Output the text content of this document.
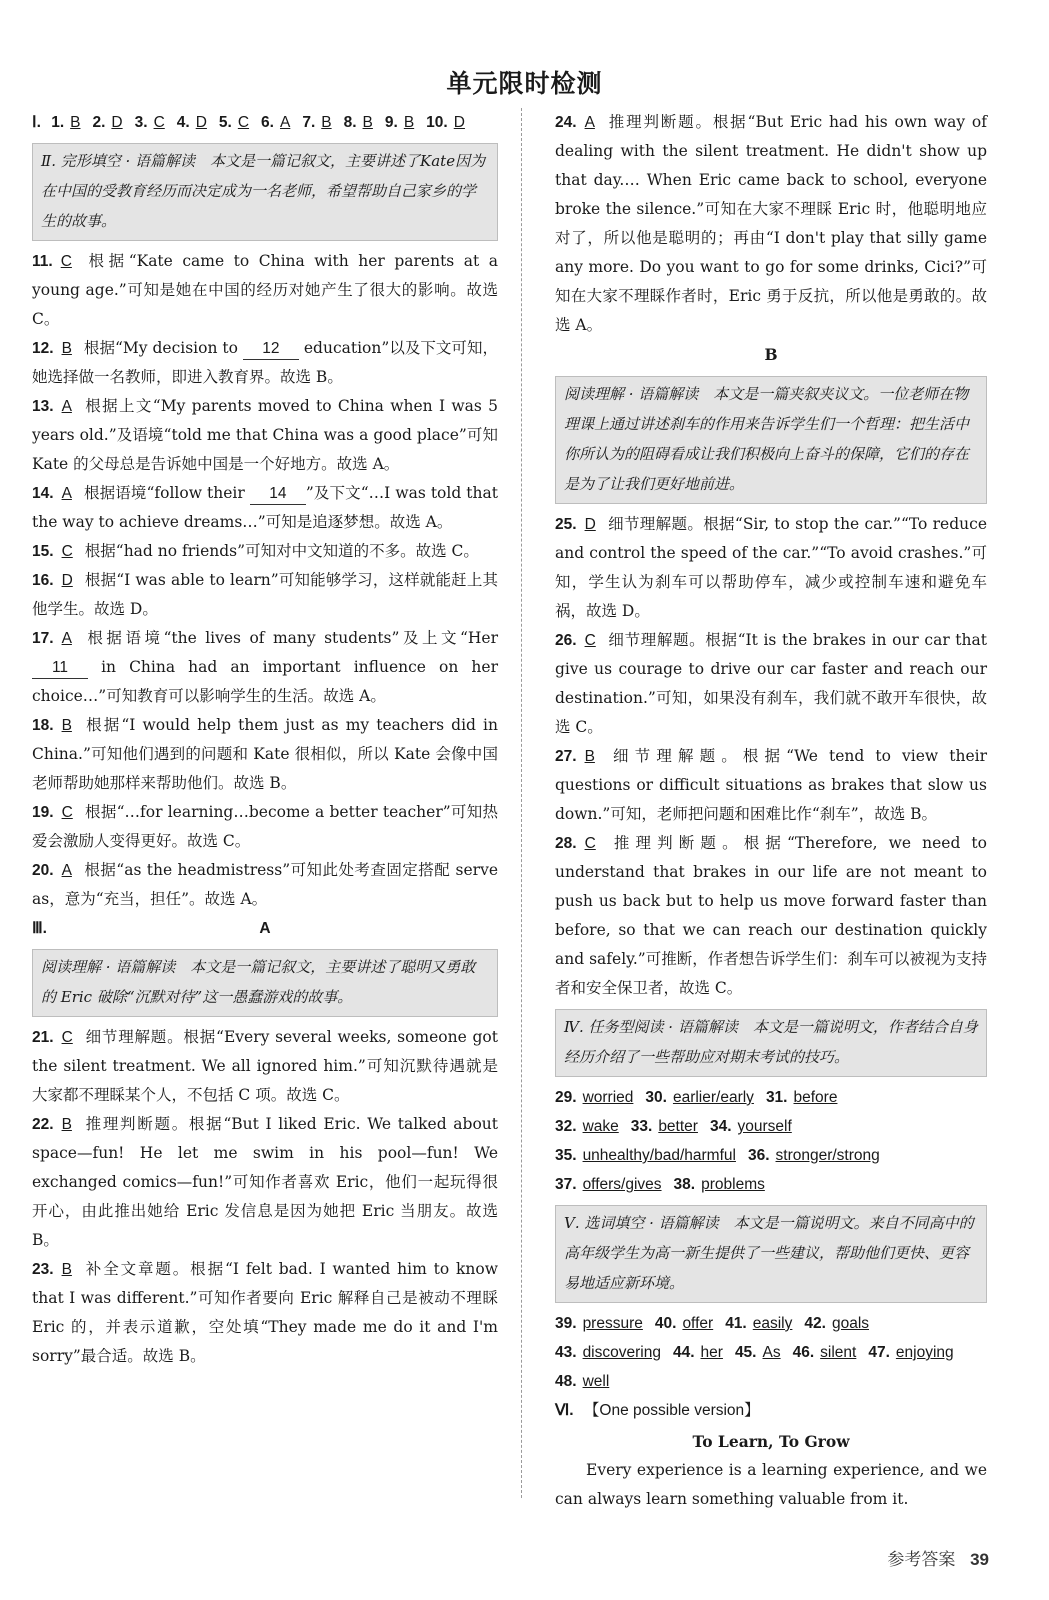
单元限时检测
Ⅰ. 1. B 2. D 3. C 4. D 5. C 6. A 7. B 8. B 9. B 10. D
Ⅱ. 完形填空 · 语篇解读　本文是一篇记叙文，主要讲述了Kate因为在中国的受教育经历而决定成为一名老师，希望帮助自己家乡的学生的故事。
11. C 根据“Kate came to China with her parents at a young age.”可知是她在中国的经历对她产生了很大的影响。故选 C。
12. B 根据“My decision to 12 education”以及下文可知，她选择做一名教师，即进入教育界。故选 B。
13. A 根据上文“My parents moved to China when I was 5 years old.”及语境“told me that China was a good place”可知 Kate 的父母总是告诉她中国是一个好地方。故选 A。
14. A 根据语境“follow their 14 ”及下文“…I was told that the way to achieve dreams…”可知是追逐梦想。故选 A。
15. C 根据“had no friends”可知对中文知道的不多。故选 C。
16. D 根据“I was able to learn”可知能够学习，这样就能赶上其他学生。故选 D。
17. A 根据语境“the lives of many students”及上文“Her 11 in China had an important influence on her choice…”可知教育可以影响学生的生活。故选 A。
18. B 根据“I would help them just as my teachers did in China.”可知他们遇到的问题和 Kate 很相似，所以 Kate 会像中国老师帮助她那样来帮助他们。故选 B。
19. C 根据“…for learning…become a better teacher”可知热爱会激励人变得更好。故选 C。
20. A 根据“as the headmistress”可知此处考查固定搭配 serve as，意为“充当，担任”。故选 A。
Ⅲ.	A
阅读理解 · 语篇解读　本文是一篇记叙文，主要讲述了聪明又勇敢的 Eric 破除“沉默对待”这一愚蠢游戏的故事。
21. C 细节理解题。根据“Every several weeks, someone got the silent treatment. We all ignored him.”可知沉默待遇就是大家都不理睬某个人，不包括 C 项。故选 C。
22. B 推理判断题。根据“But I liked Eric. We talked about space—fun! He let me swim in his pool—fun! We exchanged comics—fun!”可知作者喜欢 Eric，他们一起玩得很开心，由此推出她给 Eric 发信息是因为她把 Eric 当朋友。故选 B。
23. B 补全文章题。根据“I felt bad. I wanted him to know that I was different.”可知作者要向 Eric 解释自己是被动不理睬 Eric 的，并表示道歉，空处填“They made me do it and I'm sorry”最合适。故选 B。
24. A 推理判断题。根据“But Eric had his own way of dealing with the silent treatment. He didn't show up that day.… When Eric came back to school, everyone broke the silence.”可知在大家不理睬 Eric 时，他聪明地应对了，所以他是聪明的；再由“I don't play that silly game any more. Do you want to go for some drinks, Cici?”可知在大家不理睬作者时，Eric 勇于反抗，所以他是勇敢的。故选 A。
B
阅读理解 · 语篇解读　本文是一篇夹叙夹议文。一位老师在物理课上通过讲述刹车的作用来告诉学生们一个哲理：把生活中你所认为的阻碍看成让我们积极向上奋斗的保障，它们的存在是为了让我们更好地前进。
25. D 细节理解题。根据“Sir, to stop the car.”“To reduce and control the speed of the car.”“To avoid crashes.”可知，学生认为刹车可以帮助停车，减少或控制车速和避免车祸，故选 D。
26. C 细节理解题。根据“It is the brakes in our car that give us courage to drive our car faster and reach our destination.”可知，如果没有刹车，我们就不敢开车很快，故选 C。
27. B 细节理解题。根据“We tend to view their questions or difficult situations as brakes that slow us down.”可知，老师把问题和困难比作“刹车”，故选 B。
28. C 推理判断题。根据“Therefore, we need to understand that brakes in our life are not meant to push us back but to help us move forward faster than before, so that we can reach our destination quickly and safely.”可推断，作者想告诉学生们：刹车可以被视为支持者和安全保卫者，故选 C。
Ⅳ. 任务型阅读 · 语篇解读　本文是一篇说明文，作者结合自身经历介绍了一些帮助应对期末考试的技巧。
29. worried 30. earlier/early 31. before
32. wake 33. better 34. yourself
35. unhealthy/bad/harmful 36. stronger/strong
37. offers/gives 38. problems
Ⅴ. 选词填空 · 语篇解读　本文是一篇说明文。来自不同高中的高年级学生为高一新生提供了一些建议，帮助他们更快、更容易地适应新环境。
39. pressure 40. offer 41. easily 42. goals
43. discovering 44. her 45. As 46. silent 47. enjoying
48. well
Ⅵ. 【One possible version】
To Learn, To Grow
Every experience is a learning experience, and we can always learn something valuable from it.
参考答案 39
